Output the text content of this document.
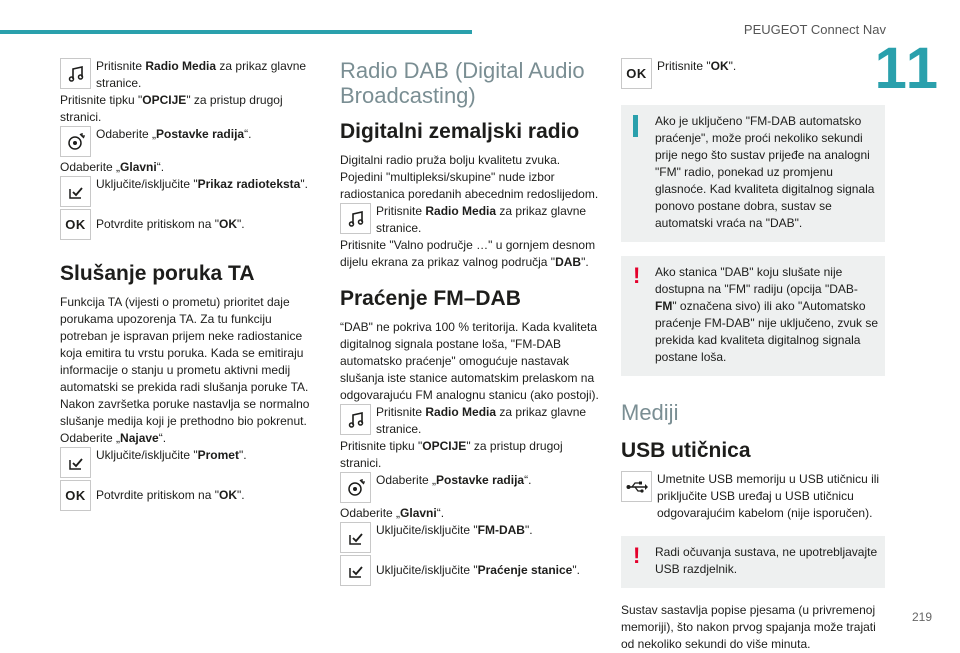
PEUGEOT Connect Nav
11
219

Pritisnite Radio Media za prikaz glavne stranice.

Pritisnite tipku "OPCIJE" za pristup drugoj stranici.

Odaberite „Postavke radija“.

Odaberite „Glavni“.

Uključite/isključite "Prikaz radioteksta".

OK Potvrdite pritiskom na "OK".

Slušanje poruka TA

Funkcija TA (vijesti o prometu) prioritet daje porukama upozorenja TA. Za tu funkciju potreban je ispravan prijem neke radiostanice koja emitira tu vrstu poruka. Kada se emitiraju informacije o stanju u prometu aktivni medij automatski se prekida radi slušanja poruke TA. Nakon završetka poruke nastavlja se normalno slušanje medija koji je prethodno bio pokrenut.

Odaberite „Najave“.

Uključite/isključite "Promet".

OK Potvrdite pritiskom na "OK".

Radio DAB (Digital Audio Broadcasting)
Digitalni zemaljski radio

Digitalni radio pruža bolju kvalitetu zvuka. Pojedini "multipleksi/skupine" nude izbor radiostanica poredanih abecednim redoslijedom.

Pritisnite Radio Media za prikaz glavne stranice.

Pritisnite "Valno područje …" u gornjem desnom dijelu ekrana za prikaz valnog područja "DAB".

Praćenje FM–DAB

“DAB" ne pokriva 100 % teritorija. Kada kvaliteta digitalnog signala postane loša, "FM-DAB automatsko praćenje" omogućuje nastavak slušanja iste stanice automatskim prelaskom na odgovarajuću FM analognu stanicu (ako postoji).

Pritisnite Radio Media za prikaz glavne stranice.

Pritisnite tipku "OPCIJE" za pristup drugoj stranici.

Odaberite „Postavke radija“.

Odaberite „Glavni“.

Uključite/isključite "FM-DAB".

Uključite/isključite "Praćenje stanice".

OK Pritisnite "OK".

Ako je uključeno "FM-DAB automatsko praćenje", može proći nekoliko sekundi prije nego što sustav prijeđe na analogni "FM" radio, ponekad uz promjenu glasnoće. Kad kvaliteta digitalnog signala ponovo postane dobra, sustav se automatski vraća na "DAB".

! Ako stanica "DAB" koju slušate nije dostupna na "FM" radiju (opcija "DAB-FM" označena sivo) ili ako "Automatsko praćenje FM-DAB" nije uključeno, zvuk se prekida kad kvaliteta digitalnog signala postane loša.

Mediji
USB utičnica

Umetnite USB memoriju u USB utičnicu ili priključite USB uređaj u USB utičnicu odgovarajućim kabelom (nije isporučen).

! Radi očuvanja sustava, ne upotrebljavajte USB razdjelnik.

Sustav sastavlja popise pjesama (u privremenoj memoriji), što nakon prvog spajanja može trajati od nekoliko sekundi do više minuta.
